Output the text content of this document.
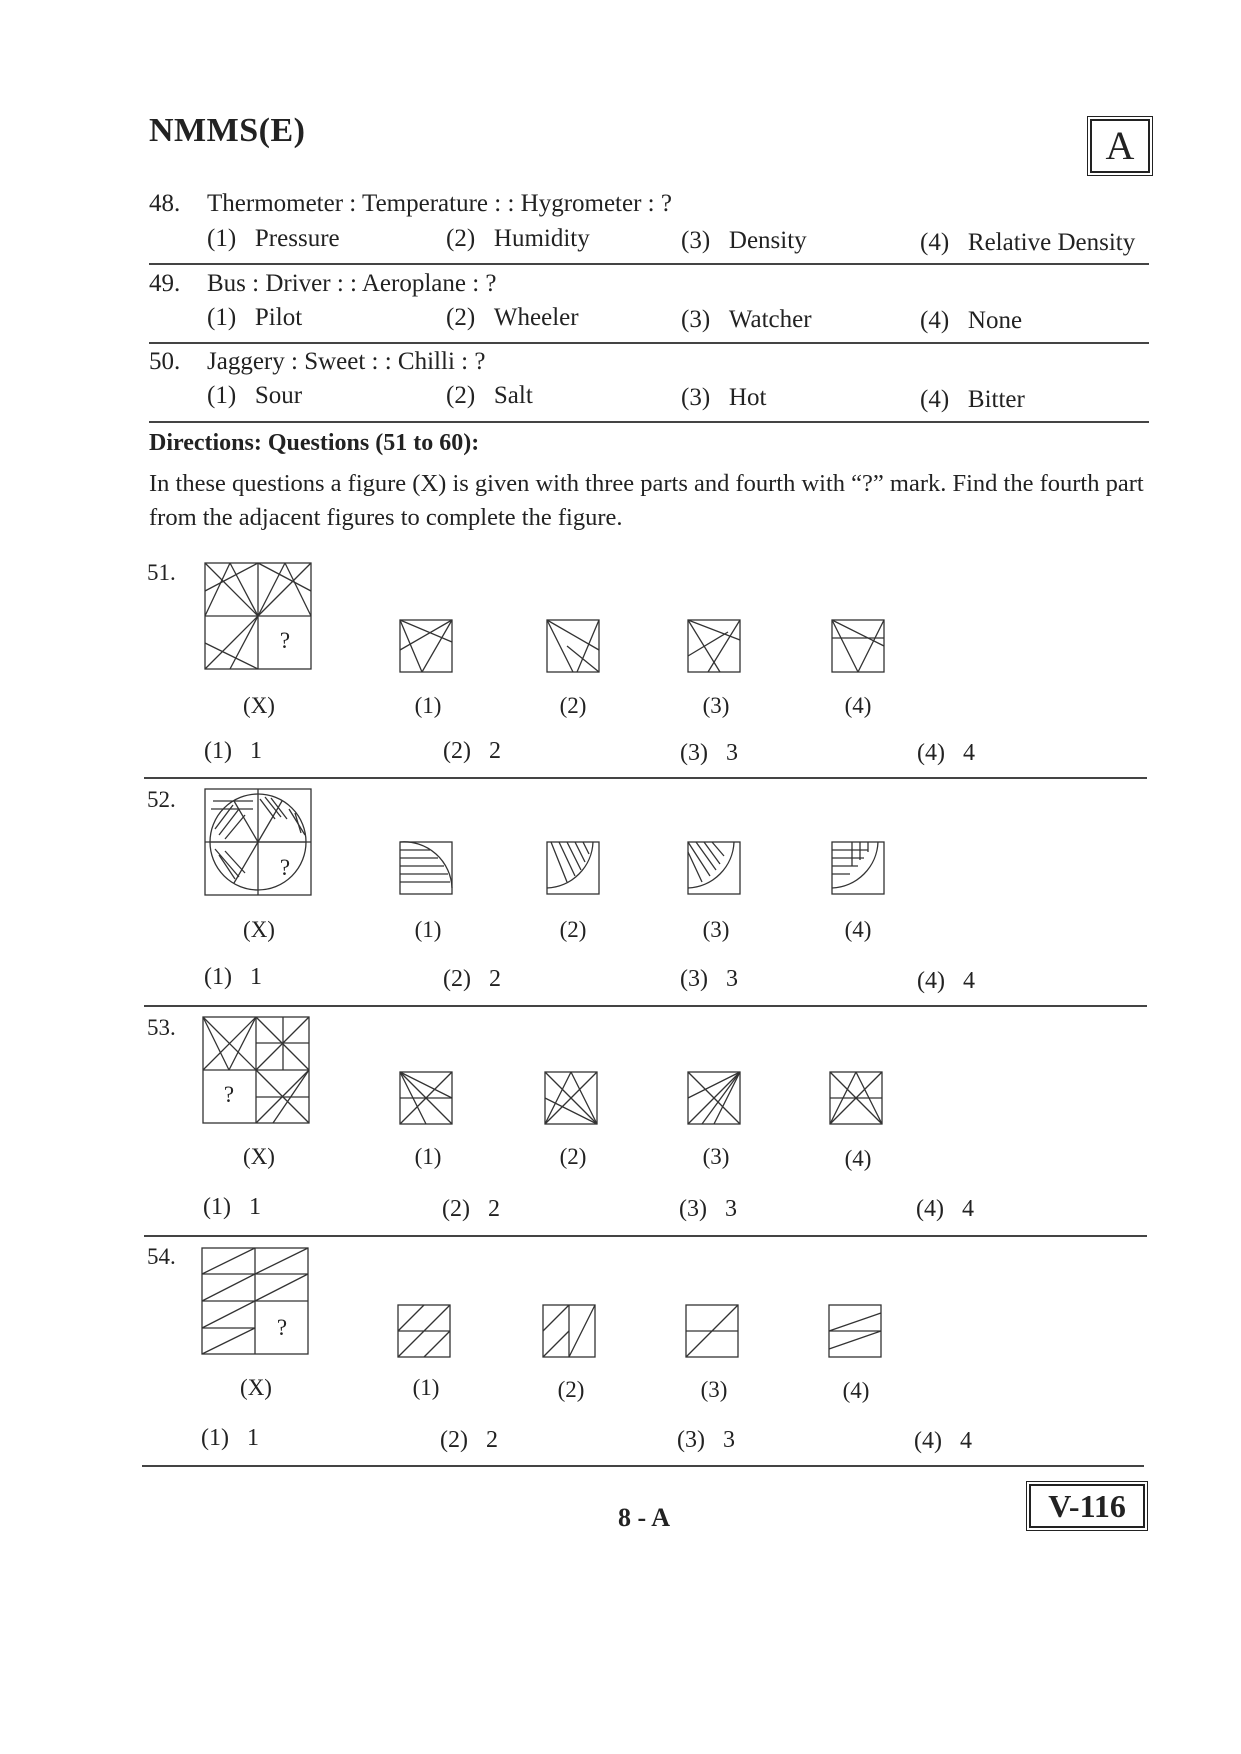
NMMS(E)	A
48. Thermometer : Temperature : : Hygrometer : ?
(1) Pressure	(2) Humidity	(3) Density	(4) Relative Density
49. Bus : Driver : : Aeroplane : ?
(1) Pilot	(2) Wheeler	(3) Watcher	(4) None
50. Jaggery : Sweet : : Chilli : ?
(1) Sour	(2) Salt	(3) Hot	(4) Bitter
Directions: Questions (51 to 60):
In these questions a figure (X) is given with three parts and fourth with “?” mark. Find the fourth part from the adjacent figures to complete the figure.
51.
?
(X)	(1)	(2)	(3)	(4)
(1) 1	(2) 2	(3) 3	(4) 4
52.
?
(X)	(1)	(2)	(3)	(4)
(1) 1	(2) 2	(3) 3	(4) 4
53.
?
(X)	(1)	(2)	(3)	(4)
(1) 1	(2) 2	(3) 3	(4) 4
54.
?
(X)	(1)	(2)	(3)	(4)
(1) 1	(2) 2	(3) 3	(4) 4
8 - A	V-116
